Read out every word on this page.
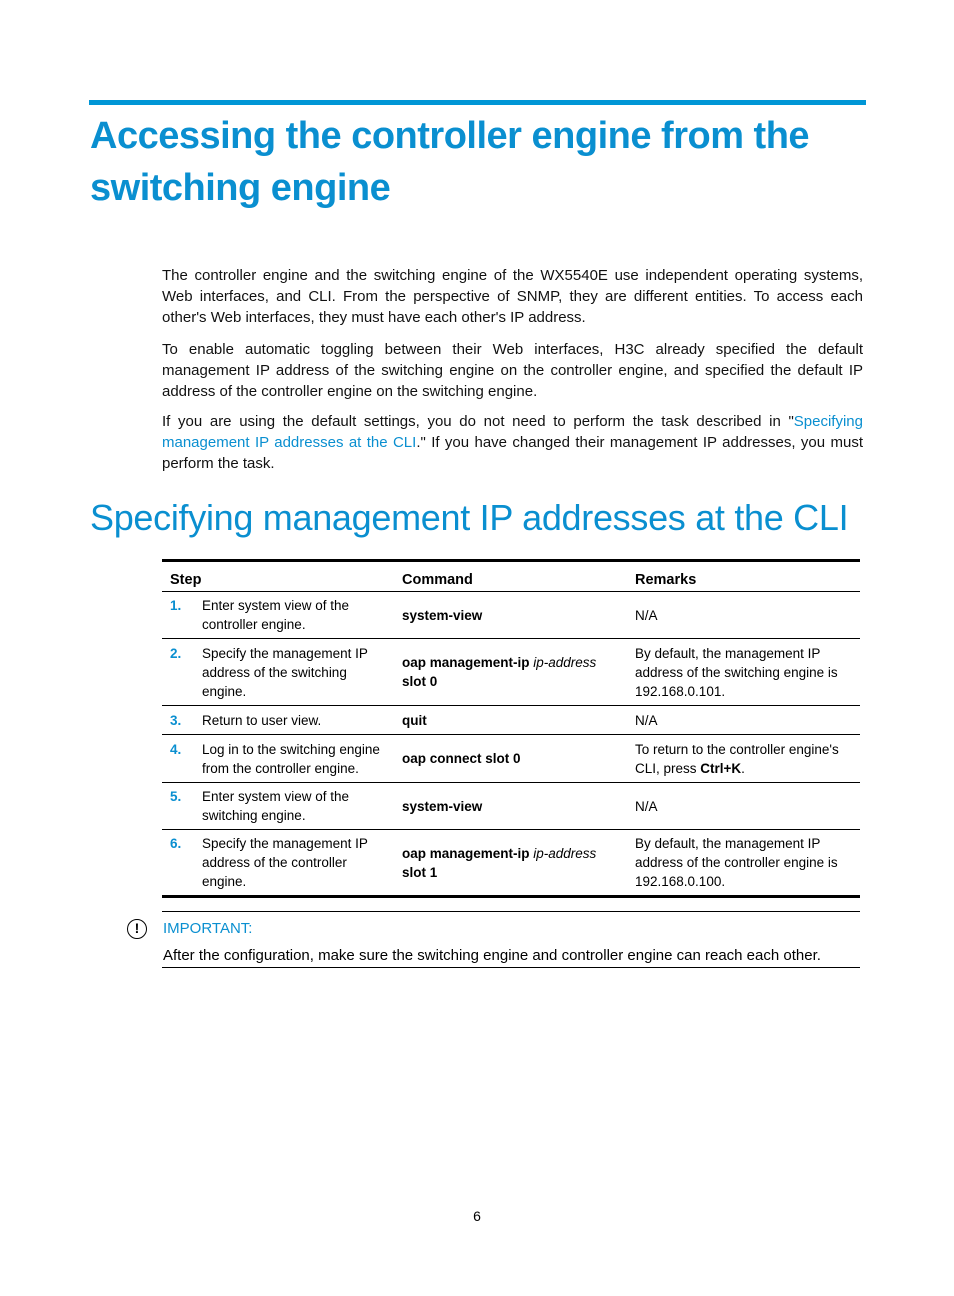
Accessing the controller engine from the switching engine
The controller engine and the switching engine of the WX5540E use independent operating systems, Web interfaces, and CLI. From the perspective of SNMP, they are different entities. To access each other's Web interfaces, they must have each other's IP address.
To enable automatic toggling between their Web interfaces, H3C already specified the default management IP address of the switching engine on the controller engine, and specified the default IP address of the controller engine on the switching engine.
If you are using the default settings, you do not need to perform the task described in "Specifying management IP addresses at the CLI." If you have changed their management IP addresses, you must perform the task.
Specifying management IP addresses at the CLI
Step	Command	Remarks

1. Enter system view of the controller engine.	system-view	N/A

2. Specify the management IP address of the switching engine.	oap management-ip ip-address
slot 0	By default, the management IP address of the switching engine is 192.168.0.101.

3. Return to user view.	quit	N/A

4. Log in to the switching engine from the controller engine.	oap connect slot 0	To return to the controller engine's CLI, press Ctrl+K.

5. Enter system view of the switching engine.	system-view	N/A

6. Specify the management IP address of the controller engine.	oap management-ip ip-address
slot 1	By default, the management IP address of the controller engine is 192.168.0.100.
!	IMPORTANT:
After the configuration, make sure the switching engine and controller engine can reach each other.
6
